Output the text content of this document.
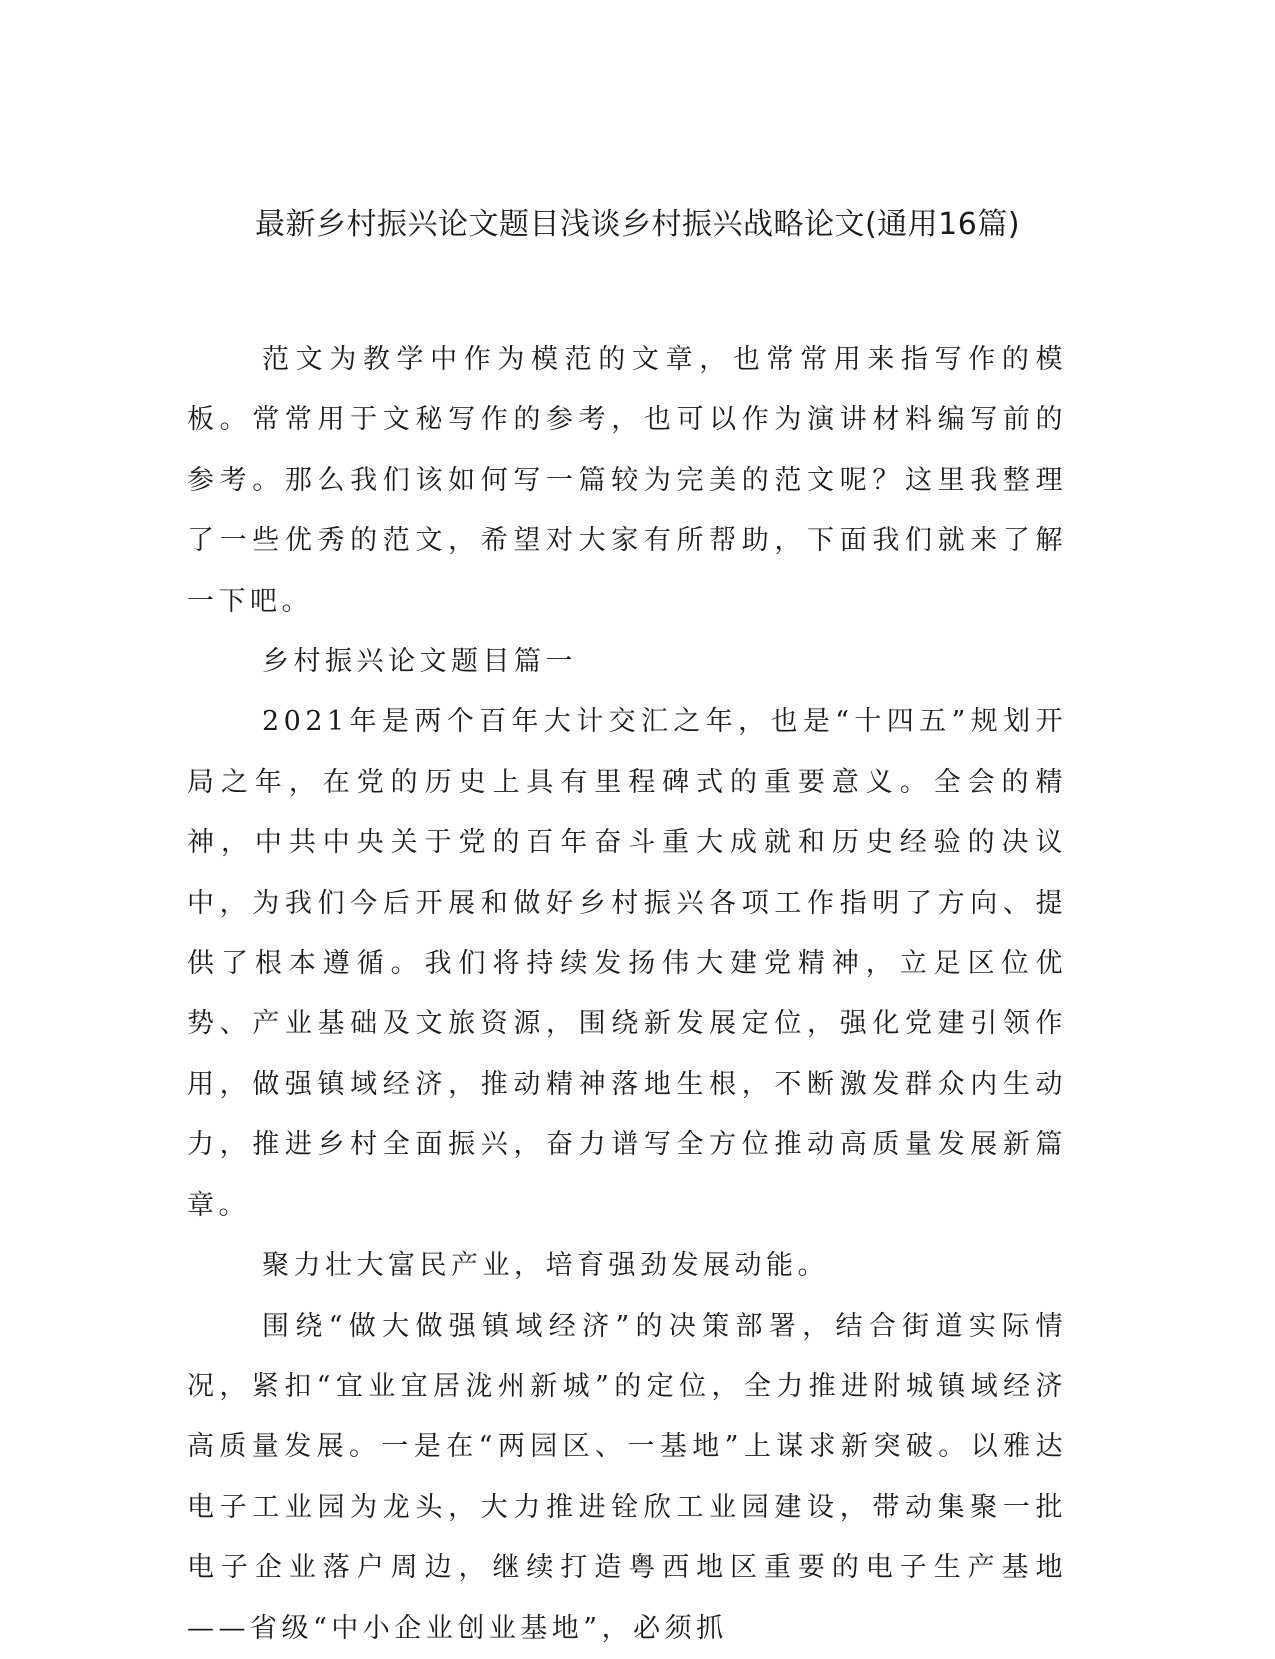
最新乡村振兴论文题目浅谈乡村振兴战略论文(通用16篇)

范文为教学中作为模范的文章，也常常用来指写作的模板。常常用于文秘写作的参考，也可以作为演讲材料编写前的参考。那么我们该如何写一篇较为完美的范文呢？这里我整理了一些优秀的范文，希望对大家有所帮助，下面我们就来了解一下吧。

乡村振兴论文题目篇一

2021年是两个百年大计交汇之年，也是“十四五”规划开局之年，在党的历史上具有里程碑式的重要意义。全会的精神，中共中央关于党的百年奋斗重大成就和历史经验的决议中，为我们今后开展和做好乡村振兴各项工作指明了方向、提供了根本遵循。我们将持续发扬伟大建党精神，立足区位优势、产业基础及文旅资源，围绕新发展定位，强化党建引领作用，做强镇域经济，推动精神落地生根，不断激发群众内生动力，推进乡村全面振兴，奋力谱写全方位推动高质量发展新篇章。

聚力壮大富民产业，培育强劲发展动能。

围绕“做大做强镇域经济”的决策部署，结合街道实际情况，紧扣“宜业宜居泷州新城”的定位，全力推进附城镇域经济高质量发展。一是在“两园区、一基地”上谋求新突破。以雅达电子工业园为龙头，大力推进铨欣工业园建设，带动集聚一批电子企业落户周边，继续打造粤西地区重要的电子生产基地——省级“中小企业创业基地”，必须抓
